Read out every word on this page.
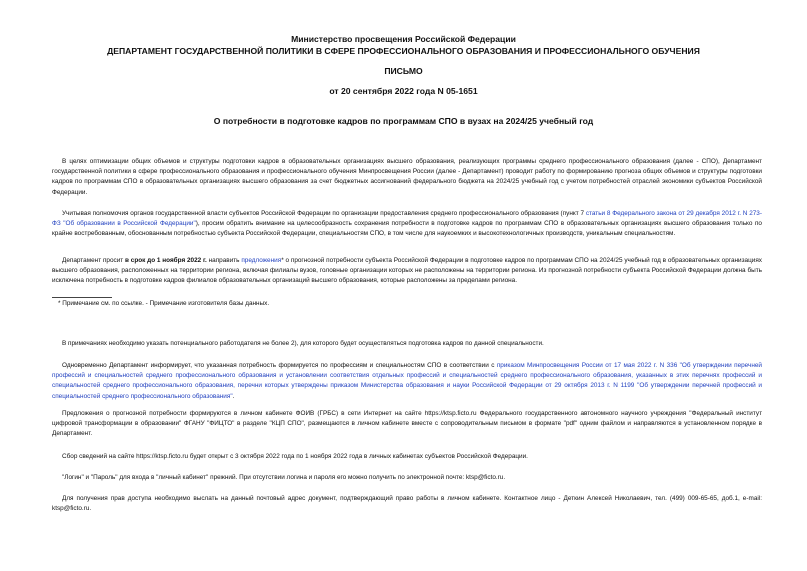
Министерство просвещения Российской Федерации
ДЕПАРТАМЕНТ ГОСУДАРСТВЕННОЙ ПОЛИТИКИ В СФЕРЕ ПРОФЕССИОНАЛЬНОГО ОБРАЗОВАНИЯ И ПРОФЕССИОНАЛЬНОГО ОБУЧЕНИЯ
ПИСЬМО
от 20 сентября 2022 года N 05-1651
О потребности в подготовке кадров по программам СПО в вузах на 2024/25 учебный год
В целях оптимизации общих объемов и структуры подготовки кадров в образовательных организациях высшего образования, реализующих программы среднего профессионального образования (далее - СПО), Департамент государственной политики в сфере профессионального образования и профессионального обучения Минпросвещения России (далее - Департамент) проводит работу по формированию прогноза общих объемов и структуры подготовки кадров по программам СПО в образовательных организациях высшего образования за счет бюджетных ассигнований федерального бюджета на 2024/25 учебный год с учетом потребностей отраслей экономики субъектов Российской Федерации.
Учитывая полномочия органов государственной власти субъектов Российской Федерации по организации предоставления среднего профессионального образования (пункт 7 статьи 8 Федерального закона от 29 декабря 2012 г. N 273-ФЗ "Об образовании в Российской Федерации"), просим обратить внимание на целесообразность сохранения потребности в подготовке кадров по программам СПО в образовательных организациях высшего образования только по крайне востребованным, обоснованным потребностью субъекта Российской Федерации, специальностям СПО, в том числе для наукоемких и высокотехнологичных производств, уникальным специальностям.
Департамент просит в срок до 1 ноября 2022 г. направить предложения* о прогнозной потребности субъекта Российской Федерации в подготовке кадров по программам СПО на 2024/25 учебный год в образовательных организациях высшего образования, расположенных на территории региона, включая филиалы вузов, головные организации которых не расположены на территории региона. Из прогнозной потребности субъекта Российской Федерации должна быть исключена потребность в подготовке кадров филиалов образовательных организаций высшего образования, которые расположены за пределами региона.
* Примечание см. по ссылке. - Примечание изготовителя базы данных.
В примечаниях необходимо указать потенциального работодателя не более 2), для которого будет осуществляться подготовка кадров по данной специальности.
Одновременно Департамент информирует, что указанная потребность формируется по профессиям и специальностям СПО в соответствии с приказом Минпросвещения России от 17 мая 2022 г. N 336 "Об утверждении перечней профессий и специальностей среднего профессионального образования и установлении соответствия отдельных профессий и специальностей среднего профессионального образования, указанных в этих перечнях профессий и специальностей среднего профессионального образования, перечни которых утверждены приказом Министерства образования и науки Российской Федерации от 29 октября 2013 г. N 1199 "Об утверждении перечней профессий и специальностей среднего профессионального образования".
Предложения о прогнозной потребности формируются в личном кабинете ФОИВ (ГРБС) в сети Интернет на сайте https://ktsp.ficto.ru Федерального государственного автономного научного учреждения "Федеральный институт цифровой трансформации в образовании" ФГАНУ "ФИЦТО" в разделе "КЦП СПО", размещаются в личном кабинете вместе с сопроводительным письмом в формате "pdf" одним файлом и направляются в установленном порядке в Департамент.
Сбор сведений на сайте https://ktsp.ficto.ru будет открыт с 3 октября 2022 года по 1 ноября 2022 года в личных кабинетах субъектов Российской Федерации.
"Логин" и "Пароль" для входа в "личный кабинет" прежний. При отсутствии логина и пароля его можно получить по электронной почте: ktsp@ficto.ru.
Для получения прав доступа необходимо выслать на данный почтовый адрес документ, подтверждающий право работы в личном кабинете. Контактное лицо - Деткин Алексей Николаевич, тел. (499) 009-65-65, доб.1, e-mail: ktsp@ficto.ru.
